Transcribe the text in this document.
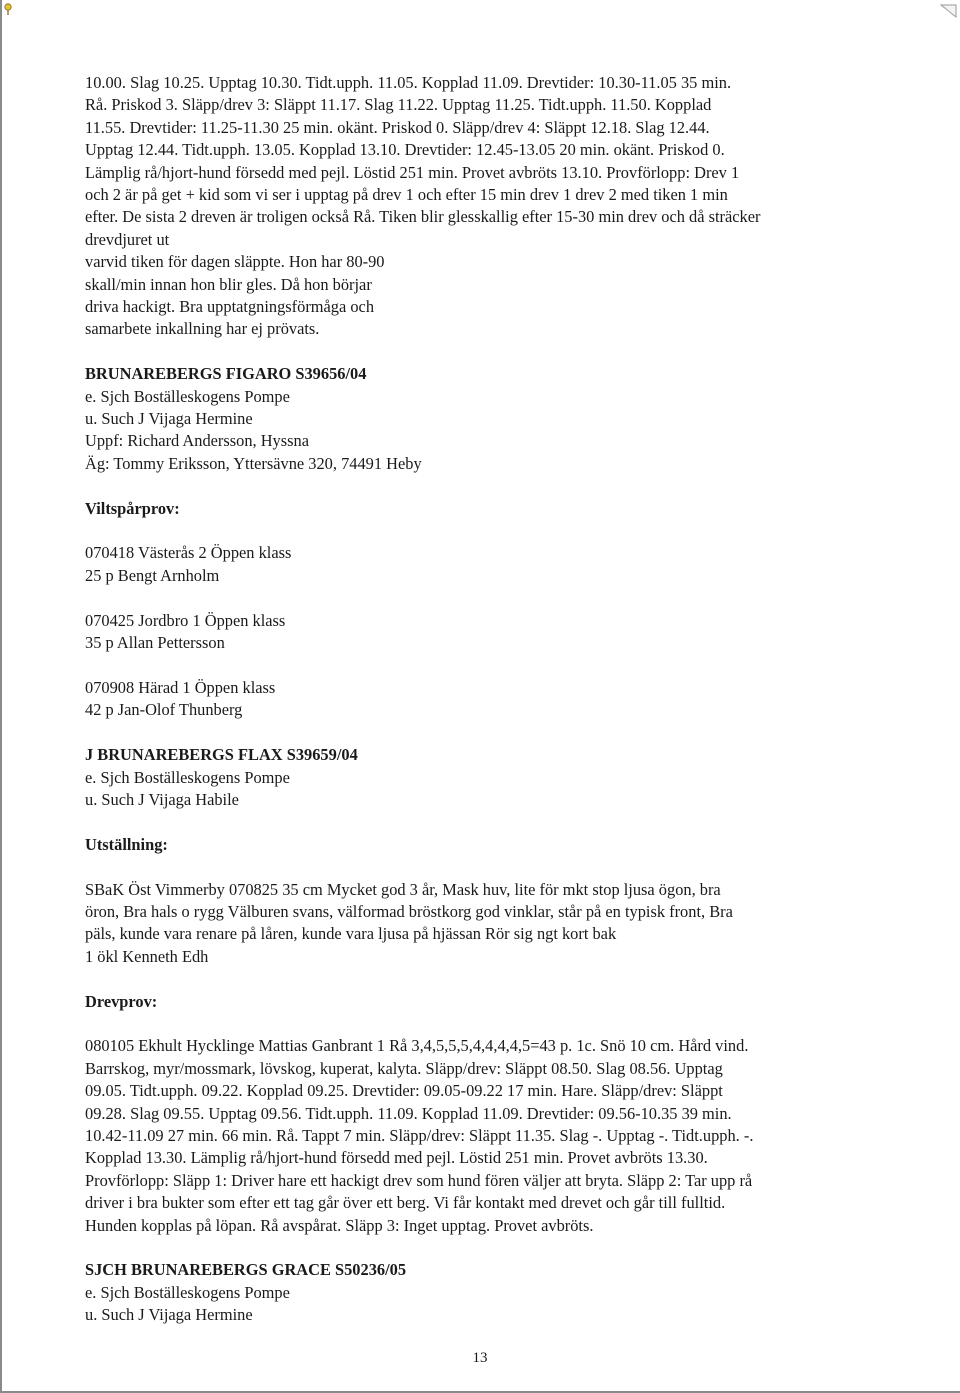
10.00. Slag 10.25. Upptag 10.30. Tidt.upph. 11.05. Kopplad 11.09. Drevtider: 10.30-11.05 35 min.
Rå. Priskod 3. Släpp/drev 3: Släppt 11.17. Slag 11.22. Upptag 11.25. Tidt.upph. 11.50. Kopplad
11.55. Drevtider: 11.25-11.30 25 min. okänt. Priskod 0. Släpp/drev 4: Släppt 12.18. Slag 12.44.
Upptag 12.44. Tidt.upph. 13.05. Kopplad 13.10. Drevtider: 12.45-13.05 20 min. okänt. Priskod 0.
Lämplig rå/hjort-hund försedd med pejl. Löstid 251 min. Provet avbröts 13.10. Provförlopp: Drev 1
och 2 är på get + kid som vi ser i upptag på drev 1 och efter 15 min drev 1 drev 2 med tiken 1 min
efter. De sista 2 dreven är troligen också Rå. Tiken blir glesskallig efter 15-30 min drev och då sträcker
drevdjuret ut
varvid tiken för dagen släppte. Hon har 80-90
skall/min innan hon blir gles. Då hon börjar
driva hackigt. Bra upptatgningsförmåga och
samarbete inkallning har ej prövats.
BRUNAREBERGS FIGARO S39656/04
e. Sjch Boställeskogens Pompe
u. Such J Vijaga Hermine
Uppf: Richard Andersson, Hyssna
Äg: Tommy Eriksson, Yttersävne 320, 74491 Heby
Viltspårprov:
070418 Västerås 2 Öppen klass
25 p Bengt Arnholm
070425 Jordbro 1 Öppen klass
35 p Allan Pettersson
070908 Härad 1 Öppen klass
42 p Jan-Olof Thunberg
J BRUNAREBERGS FLAX S39659/04
e. Sjch Boställeskogens Pompe
u. Such J Vijaga Habile
Utställning:
SBaK Öst Vimmerby 070825 35 cm Mycket god 3 år, Mask huv, lite för mkt stop ljusa ögon, bra
öron, Bra hals o rygg Välburen svans, välformad bröstkorg god vinklar, står på en typisk front, Bra
päls, kunde vara renare på låren, kunde vara ljusa på hjässan Rör sig ngt kort bak
1 ökl Kenneth Edh
Drevprov:
080105 Ekhult Hycklinge Mattias Ganbrant 1 Rå 3,4,5,5,5,4,4,4,4,5=43 p. 1c. Snö 10 cm. Hård vind.
Barrskog, myr/mossmark, lövskog, kuperat, kalyta. Släpp/drev: Släppt 08.50. Slag 08.56. Upptag
09.05. Tidt.upph. 09.22. Kopplad 09.25. Drevtider: 09.05-09.22 17 min. Hare. Släpp/drev: Släppt
09.28. Slag 09.55. Upptag 09.56. Tidt.upph. 11.09. Kopplad 11.09. Drevtider: 09.56-10.35 39 min.
10.42-11.09 27 min. 66 min. Rå. Tappt 7 min. Släpp/drev: Släppt 11.35. Slag -. Upptag -. Tidt.upph. -.
Kopplad 13.30. Lämplig rå/hjort-hund försedd med pejl. Löstid 251 min. Provet avbröts 13.30.
Provförlopp: Släpp 1: Driver hare ett hackigt drev som hund fören väljer att bryta. Släpp 2: Tar upp rå
driver i bra bukter som efter ett tag går över ett berg. Vi får kontakt med drevet och går till fulltid.
Hunden kopplas på löpan. Rå avspårat. Släpp 3: Inget upptag. Provet avbröts.
SJCH BRUNAREBERGS GRACE S50236/05
e. Sjch Boställeskogens Pompe
u. Such J Vijaga Hermine
13
